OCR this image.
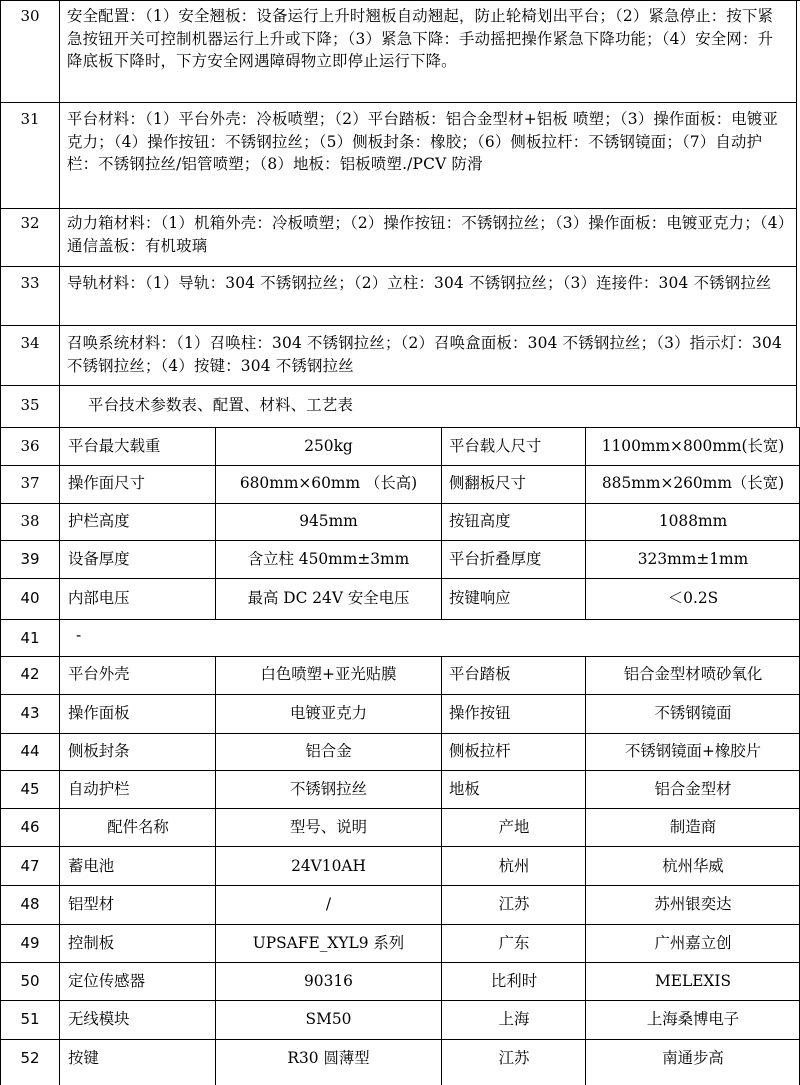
30	安全配置：（1）安全翘板：设备运行上升时翘板自动翘起，防止轮椅划出平台；（2）紧急停止：按下紧急按钮开关可控制机器运行上升或下降；（3）紧急下降：手动摇把操作紧急下降功能；（4）安全网：升降底板下降时，下方安全网遇障碍物立即停止运行下降。
31	平台材料：（1）平台外壳：冷板喷塑；（2）平台踏板：铝合金型材+铝板 喷塑；（3）操作面板：电镀亚克力；（4）操作按钮：不锈钢拉丝；（5）侧板封条：橡胶；（6）侧板拉杆：不锈钢镜面；（7）自动护栏：不锈钢拉丝/铝管喷塑；（8）地板：铝板喷塑./PCV 防滑
32	动力箱材料：（1）机箱外壳：冷板喷塑；（2）操作按钮：不锈钢拉丝；（3）操作面板：电镀亚克力；（4）通信盖板：有机玻璃
33	导轨材料：（1）导轨：304 不锈钢拉丝；（2）立柱：304 不锈钢拉丝；（3）连接件：304 不锈钢拉丝
34	召唤系统材料：（1）召唤柱：304 不锈钢拉丝；（2）召唤盒面板：304 不锈钢拉丝；（3）指示灯：304 不锈钢拉丝；（4）按键：304 不锈钢拉丝
35	平台技术参数表、配置、材料、工艺表
36	平台最大载重	250kg	平台载人尺寸	1100mm×800mm(长宽)
37	操作面尺寸	680mm×60mm （长高)	侧翻板尺寸	885mm×260mm（长宽)
38	护栏高度	945mm	按钮高度	1088mm
39	设备厚度	含立柱 450mm±3mm	平台折叠厚度	323mm±1mm
40	内部电压	最高 DC 24V 安全电压	按键响应	＜0.2S
41	-
42	平台外壳	白色喷塑+亚光贴膜	平台踏板	铝合金型材喷砂氧化
43	操作面板	电镀亚克力	操作按钮	不锈钢镜面
44	侧板封条	铝合金	侧板拉杆	不锈钢镜面+橡胶片
45	自动护栏	不锈钢拉丝	地板	铝合金型材
46	配件名称	型号、说明	产地	制造商
47	蓄电池	24V10AH	杭州	杭州华威
48	铝型材	/	江苏	苏州银奕达
49	控制板	UPSAFE_XYL9 系列	广东	广州嘉立创
50	定位传感器	90316	比利时	MELEXIS
51	无线模块	SM50	上海	上海桑博电子
52	按键	R30 圆薄型	江苏	南通步高
